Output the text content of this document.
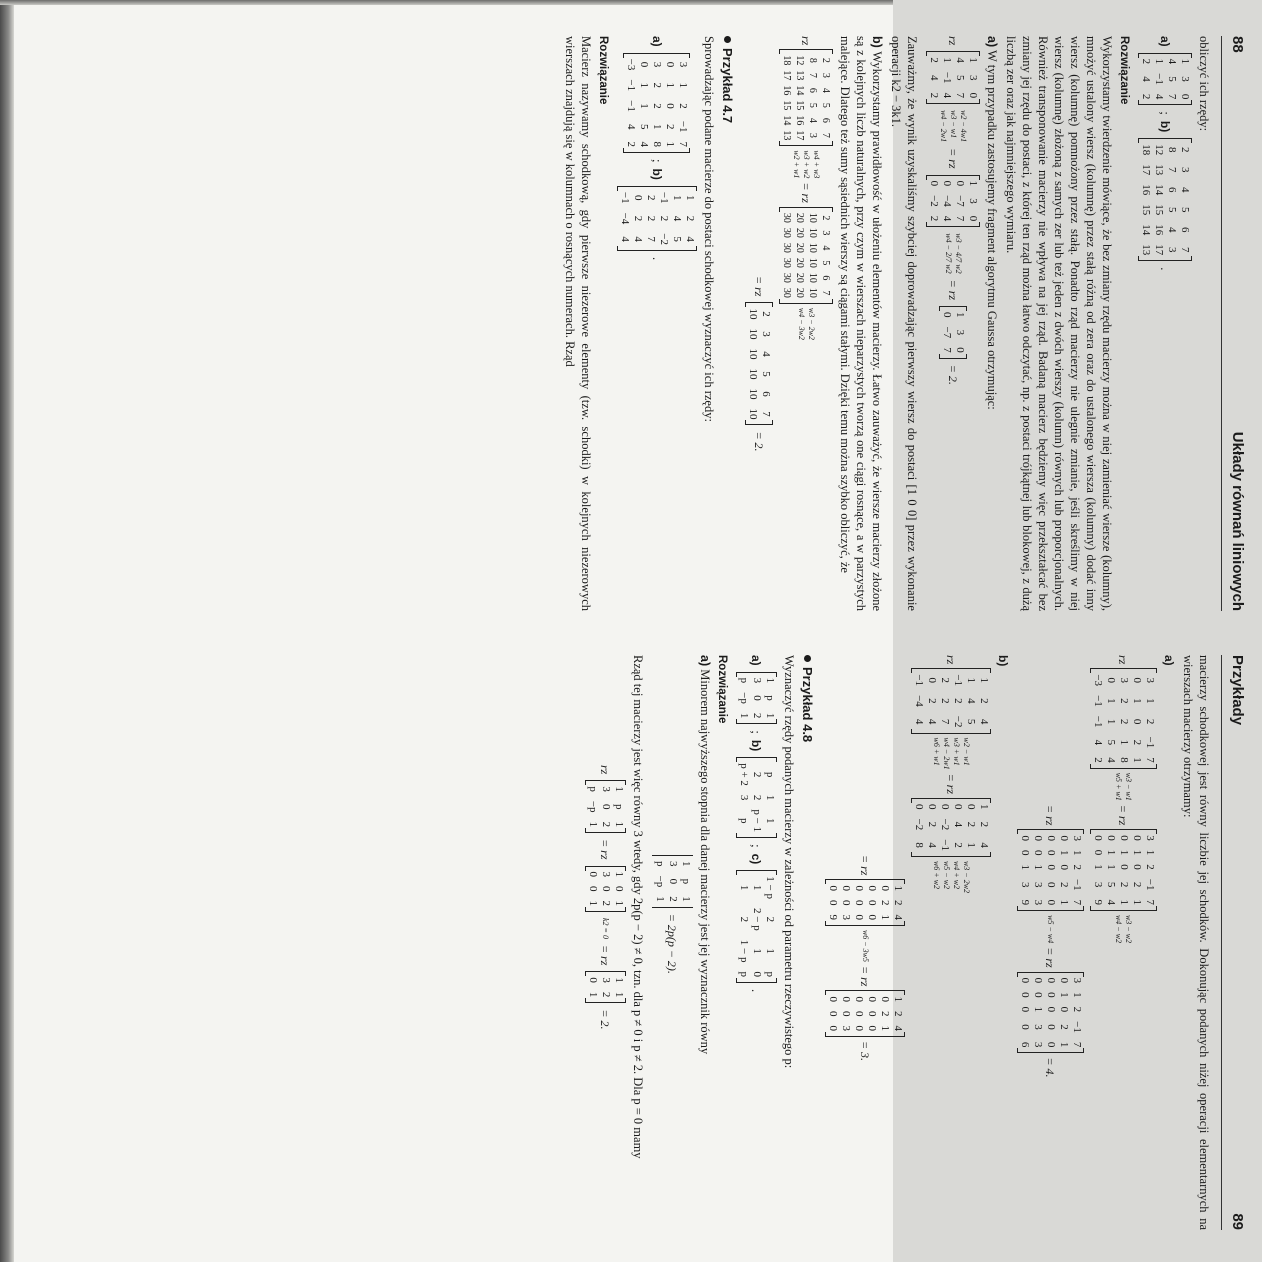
88
Układy równań liniowych

obliczyć ich rzędy:

a)
1
3
0
4
5
7
1
−1
4
2
4
2
;
b)
2
3
4
5
6
7
8
7
6
5
4
3
12
13
14
15
16
17
18
17
16
15
14
13
.
Rozwiązanie

Wykorzystamy twierdzenie mówiące, że bez zmiany rzędu macierzy można w niej zamieniać wiersze (kolumny), mnożyć ustalony wiersz (kolumnę) przez stałą różną od zera oraz do ustalonego wiersza (kolumny) dodać inny wiersz (kolumnę) pomnożony przez stałą. Ponadto rząd macierzy nie ulegnie zmianie, jeśli skreślimy w niej wiersz (kolumnę) złożoną z samych zer lub też jeden z dwóch wierszy (kolumn) równych lub proporcjonalnych. Również transponowanie macierzy nie wpływa na jej rząd. Badaną macierz będziemy więc przekształcać bez zmiany jej rzędu do postaci, z której ten rząd można łatwo odczytać, np. z postaci trójkątnej lub blokowej, z dużą liczbą zer oraz jak najmniejszego wymiaru.

a) W tym przypadku zastosujemy fragment algorytmu Gaussa otrzymując:

rz
1
3
0
4
5
7
1
−1
4
2
4
2
w2 − 4w1
w3 − w1
w4 − 2w1
= rz
1
3
0
0
−7
7
0
−4
4
0
−2
2
w3 − 4/7 w2
w4 − 2/7 w2
= rz
1
3
0
0
−7
7
= 2.

Zauważmy, że wynik uzyskaliśmy szybciej doprowadzając pierwszy wiersz do postaci [1 0 0] przez wykonanie operacji k2 − 3k1.

b) Wykorzystamy prawidłowość w ułożeniu elementów macierzy. Łatwo zauważyć, że wiersze macierzy złożone są z kolejnych liczb naturalnych, przy czym w wierszach nieparzystych tworzą one ciągi rosnące, a w parzystych malejące. Dlatego też sumy sąsiednich wierszy są ciągami stałymi. Dzięki temu można szybko obliczyć, że

rz
2
3
4
5
6
7
8
7
6
5
4
3
12
13
14
15
16
17
18
17
16
15
14
13
w4 + w3
w3 + w2
w2 + w1
= rz
2
3
4
5
6
7
10
10
10
10
10
10
20
20
20
20
20
20
30
30
30
30
30
30
w3 − 2w2
w4 − 3w2
= rz
2
3
4
5
6
7
10
10
10
10
10
10
= 2.
Przykład 4.7

Sprowadzając podane macierze do postaci schodkowej wyznaczyć ich rzędy:

a)
3
1
2
−1
7
0
1
0
2
1
3
2
2
1
8
0
1
1
5
4
−3
−1
−1
4
2
;
b)
1
2
4
1
4
5
−1
2
−2
2
2
7
0
2
4
−1
−4
4
.
Rozwiązanie

Macierz nazywamy schodkową, gdy pierwsze niezerowe elementy (tzw. schodki) w kolejnych niezerowych wierszach znajdują się w kolumnach o rosnących numerach. Rząd

Przykłady
89

macierzy schodkowej jest równy liczbie jej schodków. Dokonując podanych niżej operacji elementarnych na wierszach macierzy otrzymamy:

a)
rz
3
1
2
−1
7
0
1
0
2
1
3
2
2
1
8
0
1
1
5
4
−3
−1
−1
4
2
w3 − w1
w5 + w1
= rz
3
1
2
−1
7
0
1
0
2
1
0
1
0
2
1
0
1
1
5
4
0
0
1
3
9
w3 − w2
w4 − w2
= rz
3
1
2
−1
7
0
1
0
2
1
0
0
0
0
0
0
0
1
3
3
0
0
1
3
9
w5 − w4
= rz
3
1
2
−1
7
0
1
0
2
1
0
0
0
0
0
0
0
1
3
3
0
0
0
0
6
= 4.
b)
rz
1
2
4
1
4
5
−1
2
−2
2
2
7
0
2
4
−1
−4
4
w2 − w1
w3 + w1
w4 − 2w1
w6 + w1
= rz
1
2
4
0
2
1
0
4
2
0
−2
−1
0
2
4
0
−2
8
w3 − 2w2
w4 + w2
w5 − w2
w6 + w2
= rz
1
2
4
0
2
1
0
0
0
0
0
0
0
0
3
0
0
9
w6 − 3w5
= rz
1
2
4
0
2
1
0
0
0
0
0
0
0
0
3
0
0
0
= 3.
Przykład 4.8

Wyznaczyć rzędy podanych macierzy w zależności od parametru rzeczywistego p:

a)
1
p
1
3
0
2
p
−p
1
;
b)
p
1
1
2
2
p − 1
p + 2
3
p
;
c)
1 − p
2
1
p
1
2 − p
1
0
1
2
1 − p
p
.
Rozwiązanie

a) Minorem najwyższego stopnia dla danej macierzy jest jej wyznacznik równy

1
p
1
3
0
2
p
−p
1
= 2p(p − 2).

Rząd tej macierzy jest więc równy 3 wtedy, gdy 2p(p − 2) ≠ 0, tzn. dla p ≠ 0 i p ≠ 2. Dla p = 0 mamy

rz
1
p
1
3
0
2
p
−p
1
= rz
1
0
1
3
0
2
0
0
1
k2 = 0
= rz
1
1
3
2
0
1
= 2.
